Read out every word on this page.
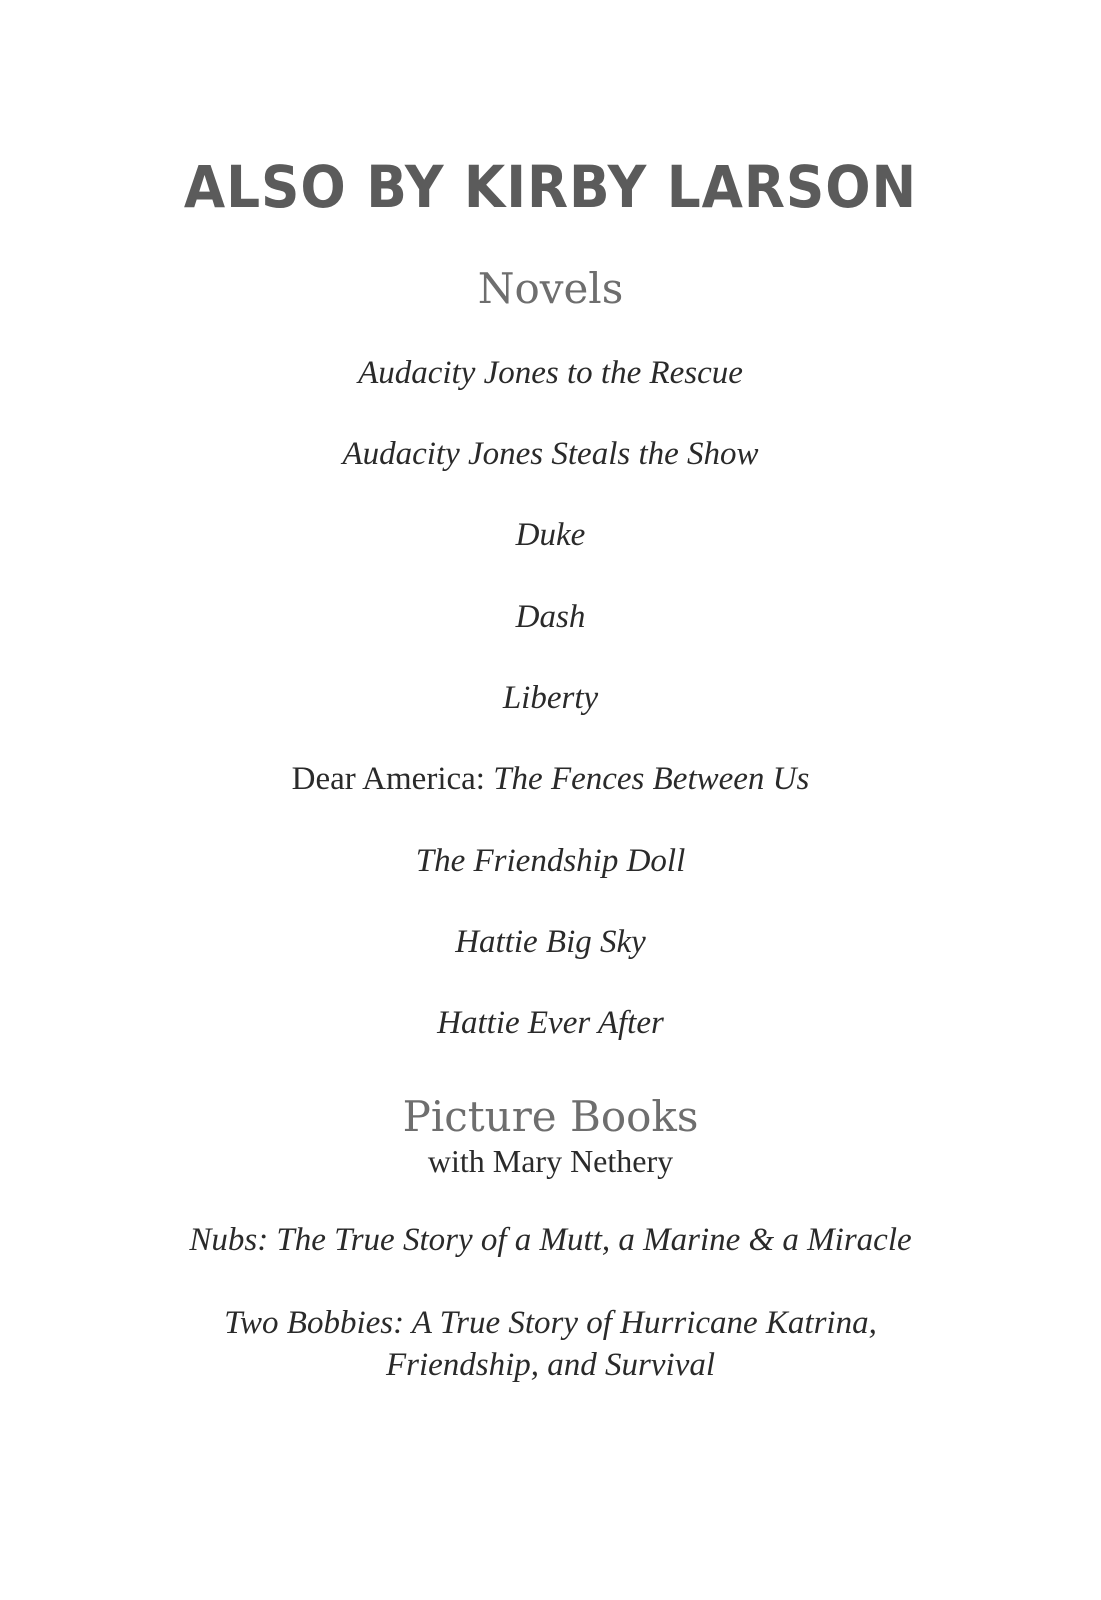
ALSO BY KIRBY LARSON
Novels
Audacity Jones to the Rescue
Audacity Jones Steals the Show
Duke
Dash
Liberty
Dear America: The Fences Between Us
The Friendship Doll
Hattie Big Sky
Hattie Ever After
Picture Books
with Mary Nethery
Nubs: The True Story of a Mutt, a Marine & a Miracle
Two Bobbies: A True Story of Hurricane Katrina,
Friendship, and Survival
